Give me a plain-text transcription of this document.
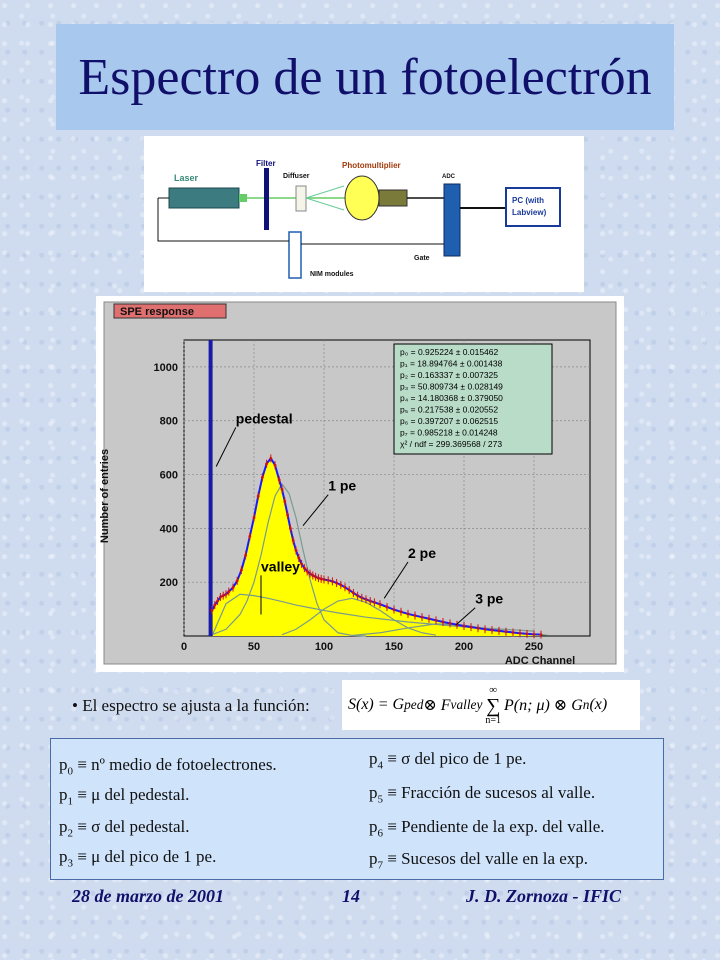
Espectro de un fotoelectrón
Laser
Filter
Diffuser
Photomultiplier
ADC
PC (with
Labview)
NIM modules
Gate
SPE response
0	50	100	150	200	250
200
400
600
800
1000
pedestal
1 pe
valley
2 pe
3 pe
p₀ = 0.925224 ± 0.015462
p₁ = 18.894764 ± 0.001438
p₂ = 0.163337 ± 0.007325
p₃ = 50.809734 ± 0.028149
p₄ = 14.180368 ± 0.379050
p₅ = 0.217538 ± 0.020552
p₆ = 0.397207 ± 0.062515
p₇ = 0.985218 ± 0.014248
χ² / ndf = 299.369568 / 273
Number of entries
ADC Channel
• El espectro se ajusta a la función: S(x) = G ped ⊗ F valley
∞
∑
n=1
P(n; μ) ⊗ G n (x)
$p_0$ ≡ nº medio de fotoelectrones.
$p_1 \equiv \mu$ del pedestal.
$p_2 \equiv \sigma$ del pedestal.
$p_3 \equiv \mu$ del pico de 1 pe.
$p_4 \equiv \sigma$ del pico de 1 pe.
$p_5$ ≡ Fracción de sucesos al valle.
$p_6$ ≡ Pendiente de la exp. del valle.
$p_7$ ≡ Sucesos del valle en la exp.
28 de marzo de 2001	14	J. D. Zornoza - IFIC
